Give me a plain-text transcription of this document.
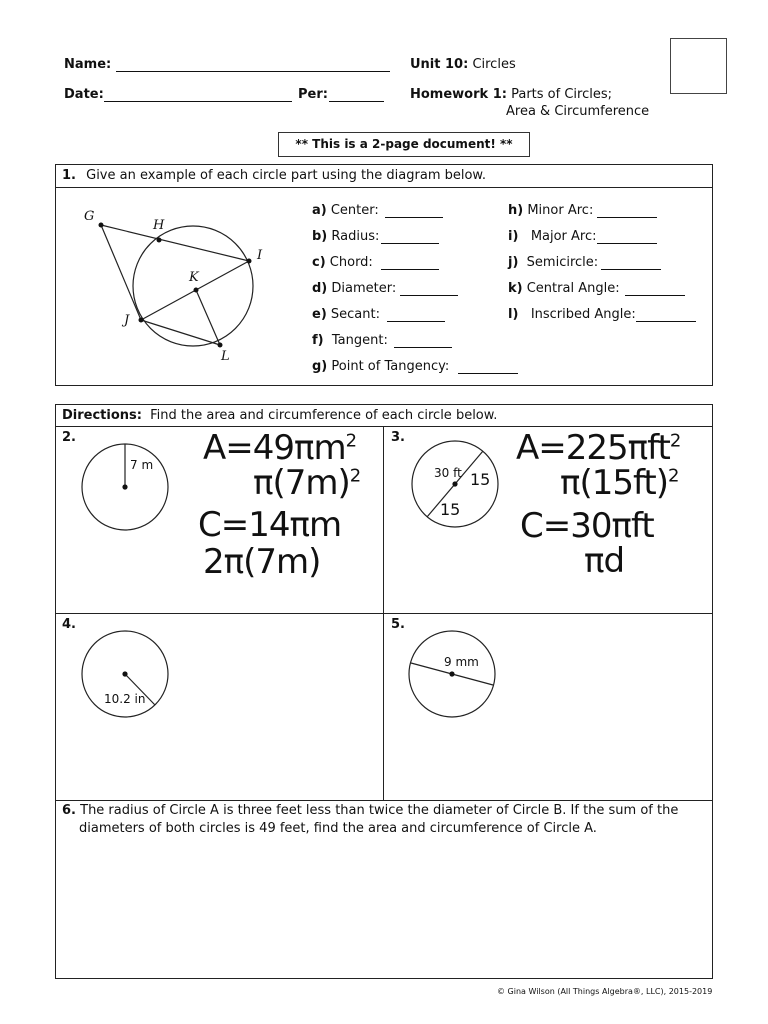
Name:
Date:	Per:
Unit 10: Circles
Homework 1: Parts of Circles;
Area & Circumference
** This is a 2-page document! **
1. Give an example of each circle part using the diagram below.
G
H
I
K
J
L
a) Center:
b) Radius:
c) Chord:
d) Diameter:
e) Secant:
f) Tangent:
g) Point of Tangency:
h) Minor Arc:
i) Major Arc:
j) Semicircle:
k) Central Angle:
l) Inscribed Angle:
Directions: Find the area and circumference of each circle below.
2.
7 m $A=49\pi m^2$
$\pi(7m)^2$
C=14πm
2π(7m)
3.
30 ft 15
15
A=225πft$^2$
$\pi(15ft)^2$
C=30πft
πd
4.
10.2 in
5.
9 mm
6. The radius of Circle A is three feet less than twice the diameter of Circle B. If the sum of the
diameters of both circles is 49 feet, find the area and circumference of Circle A.
© Gina Wilson (All Things Algebra®, LLC), 2015-2019
